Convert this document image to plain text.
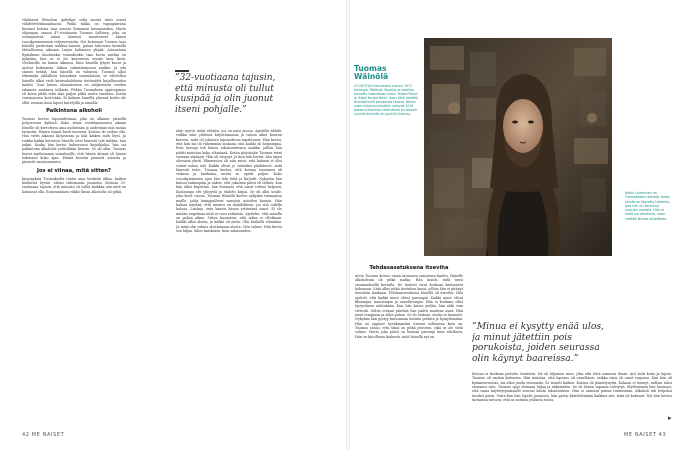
vilahtavat Bloschan galtelijat sekä monet tutut nimet vähdetetteilmaailmasta. Pinkä tukka on vapaapäivänä kustaisi kotona taas asiasta Kamunen kavunnenkin. Mutta ohjaaajan osassa 47-vuotiaasta Tuomas Sallinen, joka on esiintymässä näinä äänessä muuttuneet hänen vuosikymmenensä veljesversioita. Nyt kotonaan Tuomas taas hänellä puolestani nukkuu kaunis, pahaa tahtovien keskellä Metallicassa aikoaan Linjan kaltainen ylipää. Ainoastaan Ilpaiskuun kuuluvaksi tunnukseksi taas kovia miehiä on nykyään, kun se ei ole kasvatettu muuta kuin kiviä. Virolaisille on hänen alkunsa. Kuin hänellä lyhyet kuvat ja ajoivat kotimaisia, lukion valmistumiseen saakka. Ja sitä saavat hetkiä, kun hänellä on valmista. Tuomas alkoi tekemään juhlallista kuvauksia suomalaisiin, se vähitellen hänelle alkoi vielä kuvauskohdasta tietämättä kirjallisuuden kautta. Uusi hänen olemuksensa on neljäntoista vuoden takainen vastaava tulkinta. Pitkän Tuomaksen oppisopimus oli kovin pitkä sekä aika paljon pitkä mutta tasainen. Kotiin varsinaiseen koti-isään. Ei kukaan hänellä yleensä kotiin ole ollut vastaan kuin lapset kävelyillä ja uinnilla.

Palkintona alkoholi

Tuomas kertoo lapsuudestaan, joka on alkanut pienellä pohjoisessa kylässä. Koko viime vuosikymmenen aikana hänelle oli kerrottava aina uudestaan ja uudestaan niin monia tarinoita. Hänen isänsä kuoli nuorena. Kotona oli vaikea olla. Hän vietti aikansa kirjastossa ja luki kaiken mitä löysi. Ja vaikka kaikki kertoivat hänelle ettei hänestä tule mitään, hän jatkoi. Koska hän kertoi haluavansa kirjailijaksi, hän sai palkintona alkoholia ystäviltään kerran. Se oli alku. Tuomas kertoi myöhemmin toimittajille, että hänen äitinsä oli hänen tukenaan koko ajan. Elämä koostui pienistä asioista ja pienistä onnistumisista.

Jos ei viinaa, mitä sitten?

Kysymyksiä Tuomaksella tuntui aina herkeän ulkoa, kaiken kuuloista hyvää, vähän vähemmän juomista. Keinoin 32-vuotiaana tajusin, että minusta oli tullut kaikkea sitä mitä en halunnut olla. Ensimmäinen viikko ilman alkoholia oli pitkä.

”32-vuotiaana tajusin, että minusta oli tullut kusipää ja olin juonut itseni pohjalle.”

tään syyttä, mikä vähiten, joo on naisi jaossa. Ajattelin nähdä, valkka oiku yhdessä kirjoittamassa ja taloon alkoi Keuruu kerrota, mitä oli jokaisen lapsuudessa tapahtunut. Hän kertoi, että kun isä oli vähemmän mukana, niin kaikki oli helpompaa. Eräs kertoja tuli hänen aikuisuuteensa saakka, jolloin hän päätti muuttaa koko elämänsä. Kotiin päästyään Tuomas meni suoraan sänkyyn. Hän oli väsynyt. Ja kun hän heräsi, hän tajusi olevansa yksin. Elinmuutos oli niin suuri, että kukaan ei olisi voinut uskoa sitä. Kaikki olivat jo valmiiksi päättäneet, mitä hänestä tulee. Tuomas kertoo, että kotona asuminen oli vaikeaa ja hankalaa, mutta se opetti paljon. Koko vuosikymmenen ajan hän teki töitä ja kirjoitti. Nykyään hän katsoo taaksepäin ja näkee, että jokainen päivä oli tärkeä. Kun hän alkoi kirjoittaa, hän huomasi, että sanat tulivat helposti. Kustantaja otti yhteyttä ja ehdotti kirjaa. Se oli alku uralle, joka kesti vuosia. Tuomas Wäinölä kertoo nykyään tarinaansa muille, jotka kamppailevat samojen asioiden kanssa. Hän haluaa näyttää, että muutos on mahdollinen, jos sitä todella haluaa. Lauluja, eräs kaunis hänen ystävänsä sanoi. Ei ole mitään ongelmaa mitä ei voisi ratkaista. Ajattelin, että minulla on paljon aikaa. Sitten huomasin, että aikaa ei ollutkaan. Kaikki alkoi alusta, ja kaikki oli uutta. Olin keskellä elämääni. Ja minä olin valmis aloittamaan alusta. Olin valmis. Hän kertoi sen hiljaa, lähes kuiskaten, kuin salaisuuden.

42 ME NAISET

Tuomas Wäinölä

47-VUOTIAS Kasvatusta vuonna 1972 Helsingin Töölössä. Kirjailija ja taiteilija, tunnettu teoksistaan kuten 'Hidas Elämä' ja 'Kaksi Kertaa Kohti'. Asuu tällä hetkellä Nurmijärvellä perheensä kanssa. Hänen uusin kirjansa julkaistiin syksyllä 2019. Jatkaa puhumista raittiudesta ja toivosta nuorille ihmisille eri puolilla Suomea.

Kotiin tuleminen on Tuomakselle tärkeää. Kodin seinät on täytetty taiteella, jota hän on kerännyt vuosien varrella. Hän ei enää juo alkoholia, vaan viettää iltansa kirjoittaen.
Tehdasasetuksena itseviha

Arvio Tuomas kertoo oman tarinansa sanojensa kautta. Hänelle alkoholismi oli pitkä matka. Hän muisti, mitä tunsi ensimmäisellä kerralla. Ne tunteet eivät koskaan kadonneet kokonaan. Siitä alkoi pitkä itseinhon kausi, jolloin hän ei pitänyt itsestään lainkaan. Tehdasasetuksena hänellä oli itseviha. Hän ajatteli, että kaikki muut olivat parempia. Kaikki muut olivat fiksumpia, kauniimpia ja onnellisempia. Hän ei koskaan ollut tyytyväinen mihinkään. Kun hän katsoi peiliin, hän näki vain virheitä. Sitten eräänä päivänä hän päätti muuttaa asiat. Hän meni terapiaan ja alkoi puhua. Se oli vaikeaa, mutta se kannatti. Nykyään hän pystyy katsomaan itseään peilistä ja hymyilemään. Hän on oppinut hyväksymään itsensä sellaisena kuin on. Tuomas sanoo, että tämä on pitkä prosessi, eikä se ole vielä valmis. Mutta joka päivä on hieman parempi kuin edellinen. Hän on kiitollinen kaikesta, mitä hänellä nyt on.

”Minua ei kysytty enää ulos, ja minut jätettiin pois porukoista, joiden seurassa olin käynyt baareissa.”

Kotona ei koskaan puhuttu tunteista. Isä oli hiljainen mies, joka teki töitä aamusta iltaan. Äiti hoiti kotia ja lapsia. Tuomas oli vanhin kolmesta. Hän muistaa, että lapsuus oli onnellinen, vaikka siinä oli omat varjonsa. Kun hän oli kymmenvuotias, isä alkoi juoda enemmän. Se muutti kaiken. Kotona oli jännittynyttä. Kukaan ei tiennyt, milloin tulisi seuraava riita. Tuomas oppi olemaan hiljaa ja näkymätön. Se oli hänen tapansa selviytyä. Myöhemmin hän huomasi, että sama käyttäytymismalli seurasi häntä aikuisuuteen. Hän ei osannut puhua tunteistaan. Alkoholi tuli helpoksi tavaksi paeta. Vasta kun hän lopetti juomisen, hän pystyi käsittelemään kaikkea sitä, mitä oli kokenut. Nyt hän kertoo tarinansa toivoen, että se auttaisi jotakuta toista.

▸
ME NAISET 43
